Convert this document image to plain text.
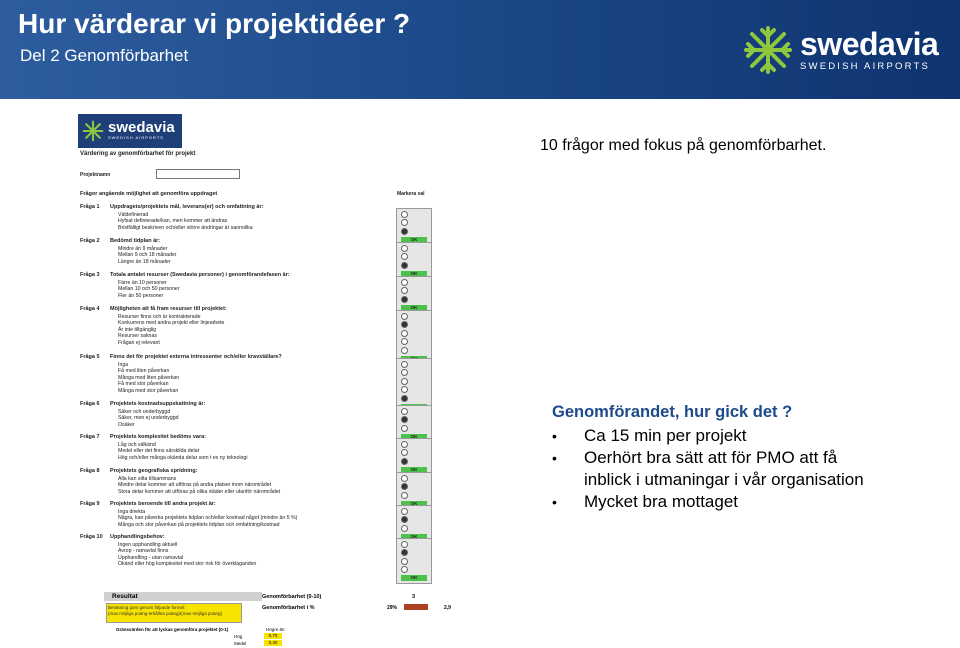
Hur värderar vi projektidéer ?
Del 2 Genomförbarhet	swedavia
SWEDISH AIRPORTS
10 frågor med fokus på genomförbarhet.
swedavia
SWEDISH AIRPORTS
Värdering av genomförbarhet för projekt
Projektnamn
Frågor angående möjlighet att genomföra uppdraget	Markera val
Fråga 1 Uppdragets/projektets mål, leverans(er) och omfattning är:
Väldefinierad
Hyfsat definierade/kan, men kommer att ändras
Bristfälligt beskriven och/eller större ändringar är sannolika
OK
Fråga 2 Bedömd tidplan är:
Mindre än 9 månader
Mellan 9 och 18 månader
Längre än 18 månader
OK
Fråga 3 Totala antalet resurser (Swedavia personer) i genomförandefasen är:
Färre än 10 personer
Mellan 10 och 50 personer
Fler än 50 personer
OK
Fråga 4 Möjligheten att få fram resurser till projektet:
Resurser finns och är kontrakterade
Konkurrens med andra projekt eller linjearbete
Är inte tillgänglig
Resurser saknas
Frågan ej relevant
Fråga 5 Finns det för projektet externa intressenter och/eller kravställare?
Inga
Få med liten påverkan
Många med liten påverkan
Få med stor påverkan
Många med stor påverkan
Fråga 6 Projektets kostnadsuppskattning är:
Säker och underbyggd
Säker, men ej underbyggd
Osäker
OK
Fråga 7 Projektets komplexitet bedöms vara:
Låg och välkänd
Medel eller det finns särskilda delar
Hög och/eller många okända delar som t ex ny teknologi
OK
Fråga 8 Projektets geografiska spridning:
Alla kan sitta tillsammans
Mindre delar kommer att utföras på andra platser inom närområdet
Stora delar kommer att utföras på olika städer eller utanför närområdet
OK
Fråga 9 Projektets beroende till andra projekt är:
Inga direkta
Några, kan påverka projektets tidplan och/eller kostnad något (mindre än 5 %)
Många och stor påverkan på projektets tidplan och omfattning/kostnad
OK
Fråga 10 Upphandlingsbehov:
Ingen upphandling aktuell
Avrop - ramavtal finns
Upphandling - utan ramavtal
Okänd eller hög komplexitet med stor risk för överklaganden
OK
Resultat
Beräkning görs genom följande formel:
(max möjliga poäng-erhållna poäng)/(max möjliga poäng)
Genomförbarhet (0-10)	3
Genomförbarhet i %	29%	2,9
Gränsvärden för att lyckas genomföra projektet (0-1)	Högre än
Hög	0,70
Medel	0,40
Genomförandet, hur gick det ?
• Ca 15 min per projekt
• Oerhört bra sätt att för PMO att få
inblick i utmaningar i vår organisation
• Mycket bra mottaget
